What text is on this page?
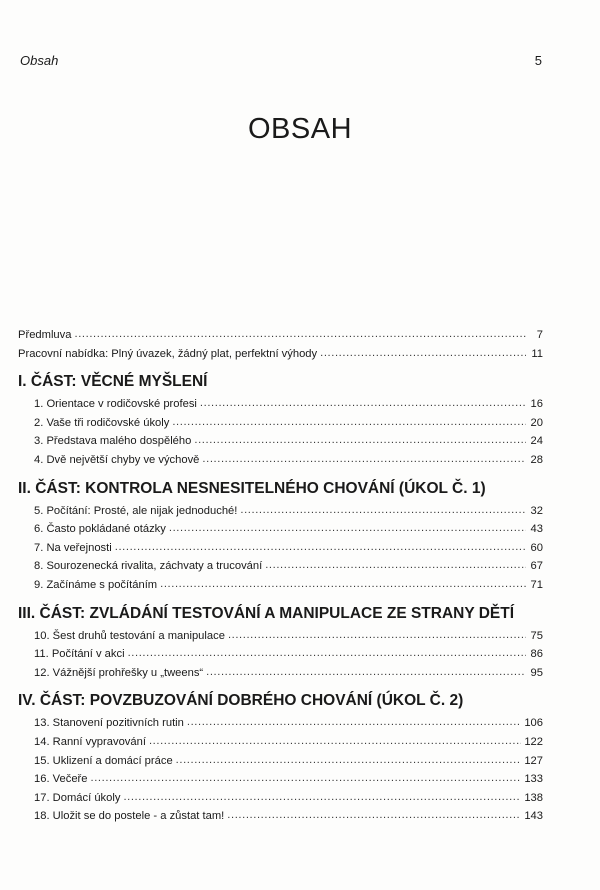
Obsah	5
OBSAH
Předmluva .....	7
Pracovní nabídka: Plný úvazek, žádný plat, perfektní výhody .....	11
I. ČÁST: VĚCNÉ MYŠLENÍ
1. Orientace v rodičovské profesi .....	16
2. Vaše tři rodičovské úkoly .....	20
3. Představa malého dospělého .....	24
4. Dvě největší chyby ve výchově .....	28
II. ČÁST: KONTROLA NESNESITELNÉHO CHOVÁNÍ (ÚKOL Č. 1)
5. Počítání: Prosté, ale nijak jednoduché! .....	32
6. Často pokládané otázky .....	43
7. Na veřejnosti .....	60
8. Sourozenecká rivalita, záchvaty a trucování .....	67
9. Začínáme s počítáním .....	71
III. ČÁST: ZVLÁDÁNÍ TESTOVÁNÍ A MANIPULACE ZE STRANY DĚTÍ
10. Šest druhů testování a manipulace .....	75
11. Počítání v akci .....	86
12. Vážnější prohřešky u „tweens“ .....	95
IV. ČÁST: POVZBUZOVÁNÍ DOBRÉHO CHOVÁNÍ (ÚKOL Č. 2)
13. Stanovení pozitivních rutin .....	106
14. Ranní vypravování .....	122
15. Uklizení a domácí práce .....	127
16. Večeře .....	133
17. Domácí úkoly .....	138
18. Uložit se do postele - a zůstat tam! .....	143
